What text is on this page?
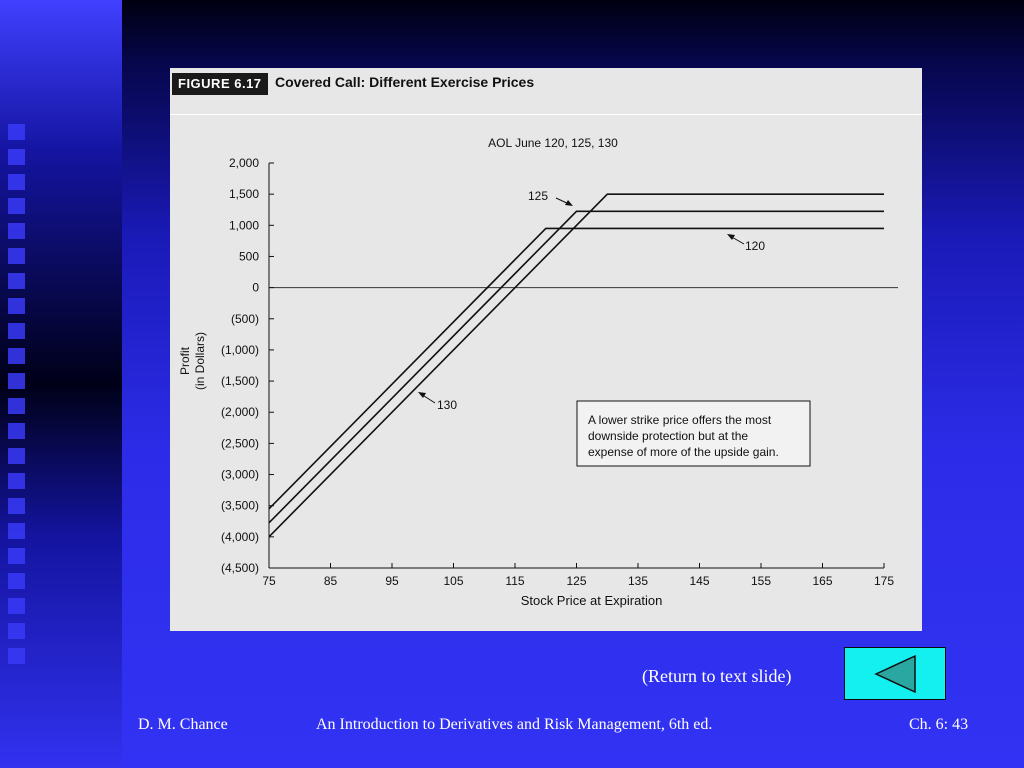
FIGURE 6.17 Covered Call: Different Exercise Prices
AOL June 120, 125, 130
2,000
1,500
1,000
500
0
(500)
(1,000)
(1,500)
(2,000)
(2,500)
(3,000)
(3,500)
(4,000)
(4,500)
75	85	95	105	115	125	135	145	155	165	175
Stock Price at Expiration
Profit (in Dollars)
125
120
130
A lower strike price offers the most
downside protection but at the
expense of more of the upside gain.
(Return to text slide)
D. M. Chance	An Introduction to Derivatives and Risk Management, 6th ed.	Ch. 6: 43
